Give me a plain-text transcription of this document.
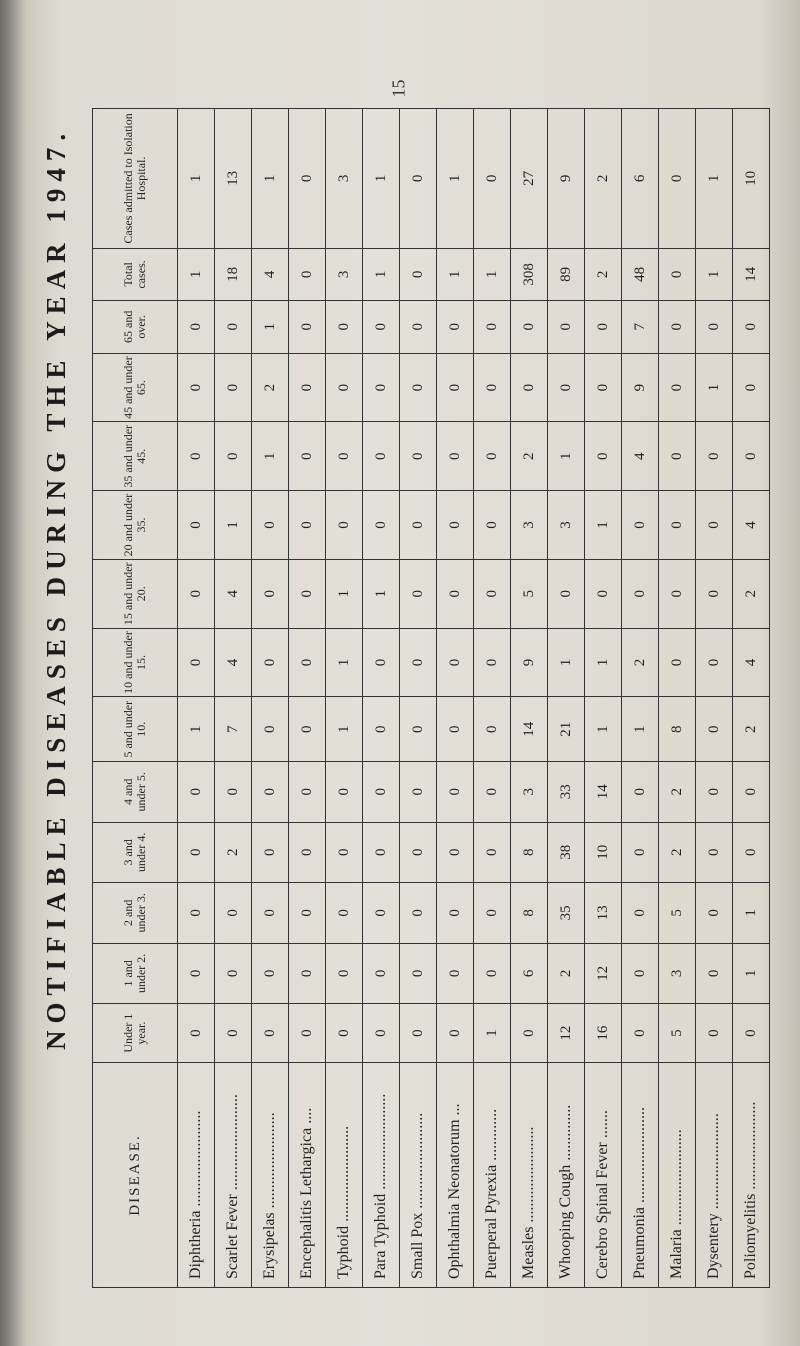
15
NOTIFIABLE DISEASES DURING THE YEAR 1947.
DISEASE.	Under 1 year.	1 and under 2.	2 and under 3.	3 and under 4.	4 and under 5.	5 and under 10.	10 and under 15.	15 and under 20.	20 and under 35.	35 and under 45.	45 and under 65.	65 and over.	Total cases.	Cases admitted to Isolation Hospital.
Diphtheria ........................	0	0	0	0	0	1	0	0	0	0	0	0	1	1
Scarlet Fever ........................	0	0	0	2	0	7	4	4	1	0	0	0	18	13
Erysipelas ........................	0	0	0	0	0	0	0	0	0	1	2	1	4	1
Encephalitis Lethargica ....	0	0	0	0	0	0	0	0	0	0	0	0	0	0
Typhoid ........................	0	0	0	0	0	1	1	1	0	0	0	0	3	3
Para Typhoid ........................	0	0	0	0	0	0	0	1	0	0	0	0	1	1
Small Pox ........................	0	0	0	0	0	0	0	0	0	0	0	0	0	0
Ophthalmia Neonatorum ...	0	0	0	0	0	0	0	0	0	0	0	0	1	1
Puerperal Pyrexia .............	1	0	0	0	0	0	0	0	0	0	0	0	1	0
Measles ........................	0	6	8	8	3	14	9	5	3	2	0	0	308	27
Whooping Cough ..............	12	2	35	38	33	21	1	0	3	1	0	0	89	9
Cerebro Spinal Fever .......	16	12	13	10	14	1	1	0	1	0	0	0	2	2
Pneumonia ........................	0	0	0	0	0	1	2	0	0	4	9	7	48	6
Malaria ........................	5	3	5	2	2	8	0	0	0	0	0	0	0	0
Dysentery ........................	0	0	0	0	0	0	0	0	0	0	1	0	1	1
Poliomyelitis ......................	0	1	1	0	0	2	4	2	4	0	0	0	14	10
